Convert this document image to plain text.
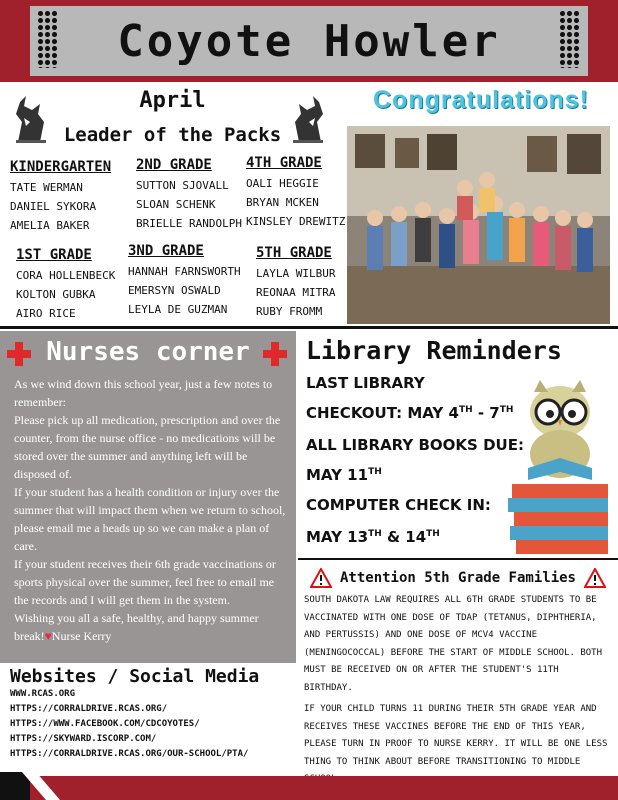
Coyote Howler
April
Leader of the Packs
KINDERGARTEN
TATE WERMAN
DANIEL SYKORA
AMELIA BAKER
2ND GRADE
SUTTON SJOVALL
SLOAN SCHENK
BRIELLE RANDOLPH
4TH GRADE
OALI HEGGIE
BRYAN MCKEN
KINSLEY DREWITZ
1ST GRADE
CORA HOLLENBECK
KOLTON GUBKA
AIRO RICE
3ND GRADE
HANNAH FARNSWORTH
EMERSYN OSWALD
LEYLA DE GUZMAN
5TH GRADE
LAYLA WILBUR
REONAA MITRA
RUBY FROMM
Congratulations!
Nurses corner

As we wind down this school year, just a few notes to remember:

Please pick up all medication, prescription and over the counter, from the nurse office - no medications will be stored over the summer and anything left will be disposed of.

If your student has a health condition or injury over the summer that will impact them when we return to school, please email me a heads up so we can make a plan of care.

If your student receives their 6th grade vaccinations or sports physical over the summer, feel free to email me the records and I will get them in the system.

Wishing you all a safe, healthy, and happy summer break!♥Nurse Kerry

Library Reminders
LAST LIBRARY
CHECKOUT: MAY 4TH - 7TH
ALL LIBRARY BOOKS DUE:
MAY 11TH
COMPUTER CHECK IN:
MAY 13TH & 14TH
Attention 5th Grade Families

SOUTH DAKOTA LAW REQUIRES ALL 6TH GRADE STUDENTS TO BE VACCINATED WITH ONE DOSE OF TDAP (TETANUS, DIPHTHERIA, AND PERTUSSIS) AND ONE DOSE OF MCV4 VACCINE (MENINGOCOCCAL) BEFORE THE START OF MIDDLE SCHOOL. BOTH MUST BE RECEIVED ON OR AFTER THE STUDENT'S 11TH BIRTHDAY.

IF YOUR CHILD TURNS 11 DURING THEIR 5TH GRADE YEAR AND RECEIVES THESE VACCINES BEFORE THE END OF THIS YEAR, PLEASE TURN IN PROOF TO NURSE KERRY. IT WILL BE ONE LESS THING TO THINK ABOUT BEFORE TRANSITIONING TO MIDDLE

Websites / Social Media
WWW.RCAS.ORG
HTTPS://CORRALDRIVE.RCAS.ORG/
HTTPS://WWW.FACEBOOK.COM/CDCOYOTES/
HTTPS://SKYWARD.ISCORP.COM/
HTTPS://CORRALDRIVE.RCAS.ORG/OUR-SCHOOL/PTA/
